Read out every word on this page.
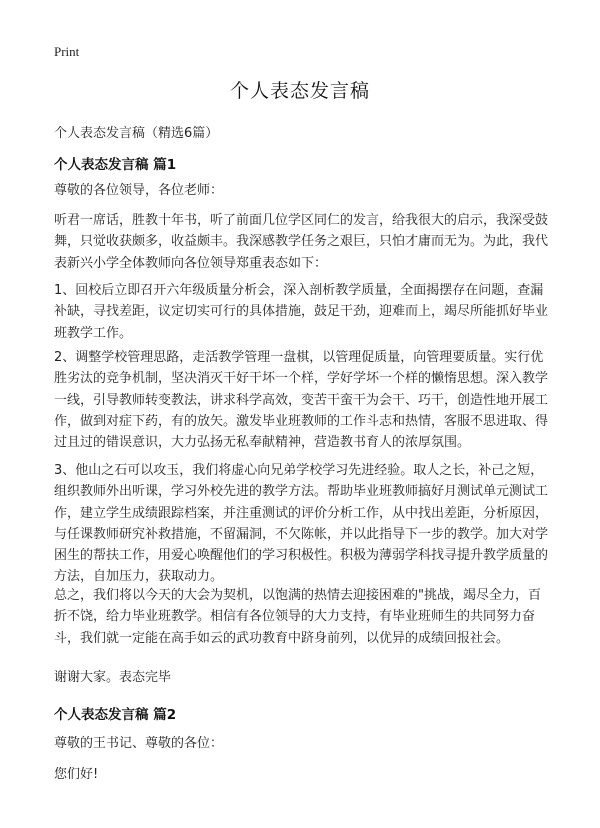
Print
个人表态发言稿
个人表态发言稿（精选6篇）
个人表态发言稿 篇1
尊敬的各位领导，各位老师：
听君一席话，胜教十年书，听了前面几位学区同仁的发言，给我很大的启示，我深受鼓舞，只觉收获颇多，收益颇丰。我深感教学任务之艰巨，只怕才庸而无为。为此，我代表新兴小学全体教师向各位领导郑重表态如下：
1、回校后立即召开六年级质量分析会，深入剖析教学质量，全面揭摆存在问题，查漏补缺，寻找差距，议定切实可行的具体措施，鼓足干劲，迎难而上，竭尽所能抓好毕业班教学工作。
2、调整学校管理思路，走活教学管理一盘棋，以管理促质量，向管理要质量。实行优胜劣汰的竞争机制，坚决消灭干好干坏一个样，学好学坏一个样的懒惰思想。深入教学一线，引导教师转变教法，讲求科学高效，变苦干蛮干为会干、巧干，创造性地开展工作，做到对症下药，有的放矢。激发毕业班教师的工作斗志和热情，客服不思进取、得过且过的错误意识，大力弘扬无私奉献精神，营造教书育人的浓厚氛围。
3、他山之石可以攻玉，我们将虚心向兄弟学校学习先进经验。取人之长，补己之短，组织教师外出听课，学习外校先进的教学方法。帮助毕业班教师搞好月测试单元测试工作，建立学生成绩跟踪档案，并注重测试的评价分析工作，从中找出差距，分析原因，与任课教师研究补救措施，不留漏洞，不欠陈帐，并以此指导下一步的教学。加大对学困生的帮扶工作，用爱心唤醒他们的学习积极性。积极为薄弱学科找寻提升教学质量的方法，自加压力，获取动力。
总之，我们将以今天的大会为契机，以饱满的热情去迎接困难的"挑战，竭尽全力，百折不饶，给力毕业班教学。相信有各位领导的大力支持，有毕业班师生的共同努力奋斗，我们就一定能在高手如云的武功教育中跻身前列，以优异的成绩回报社会。
谢谢大家。表态完毕
个人表态发言稿 篇2
尊敬的王书记、尊敬的各位：
您们好!
